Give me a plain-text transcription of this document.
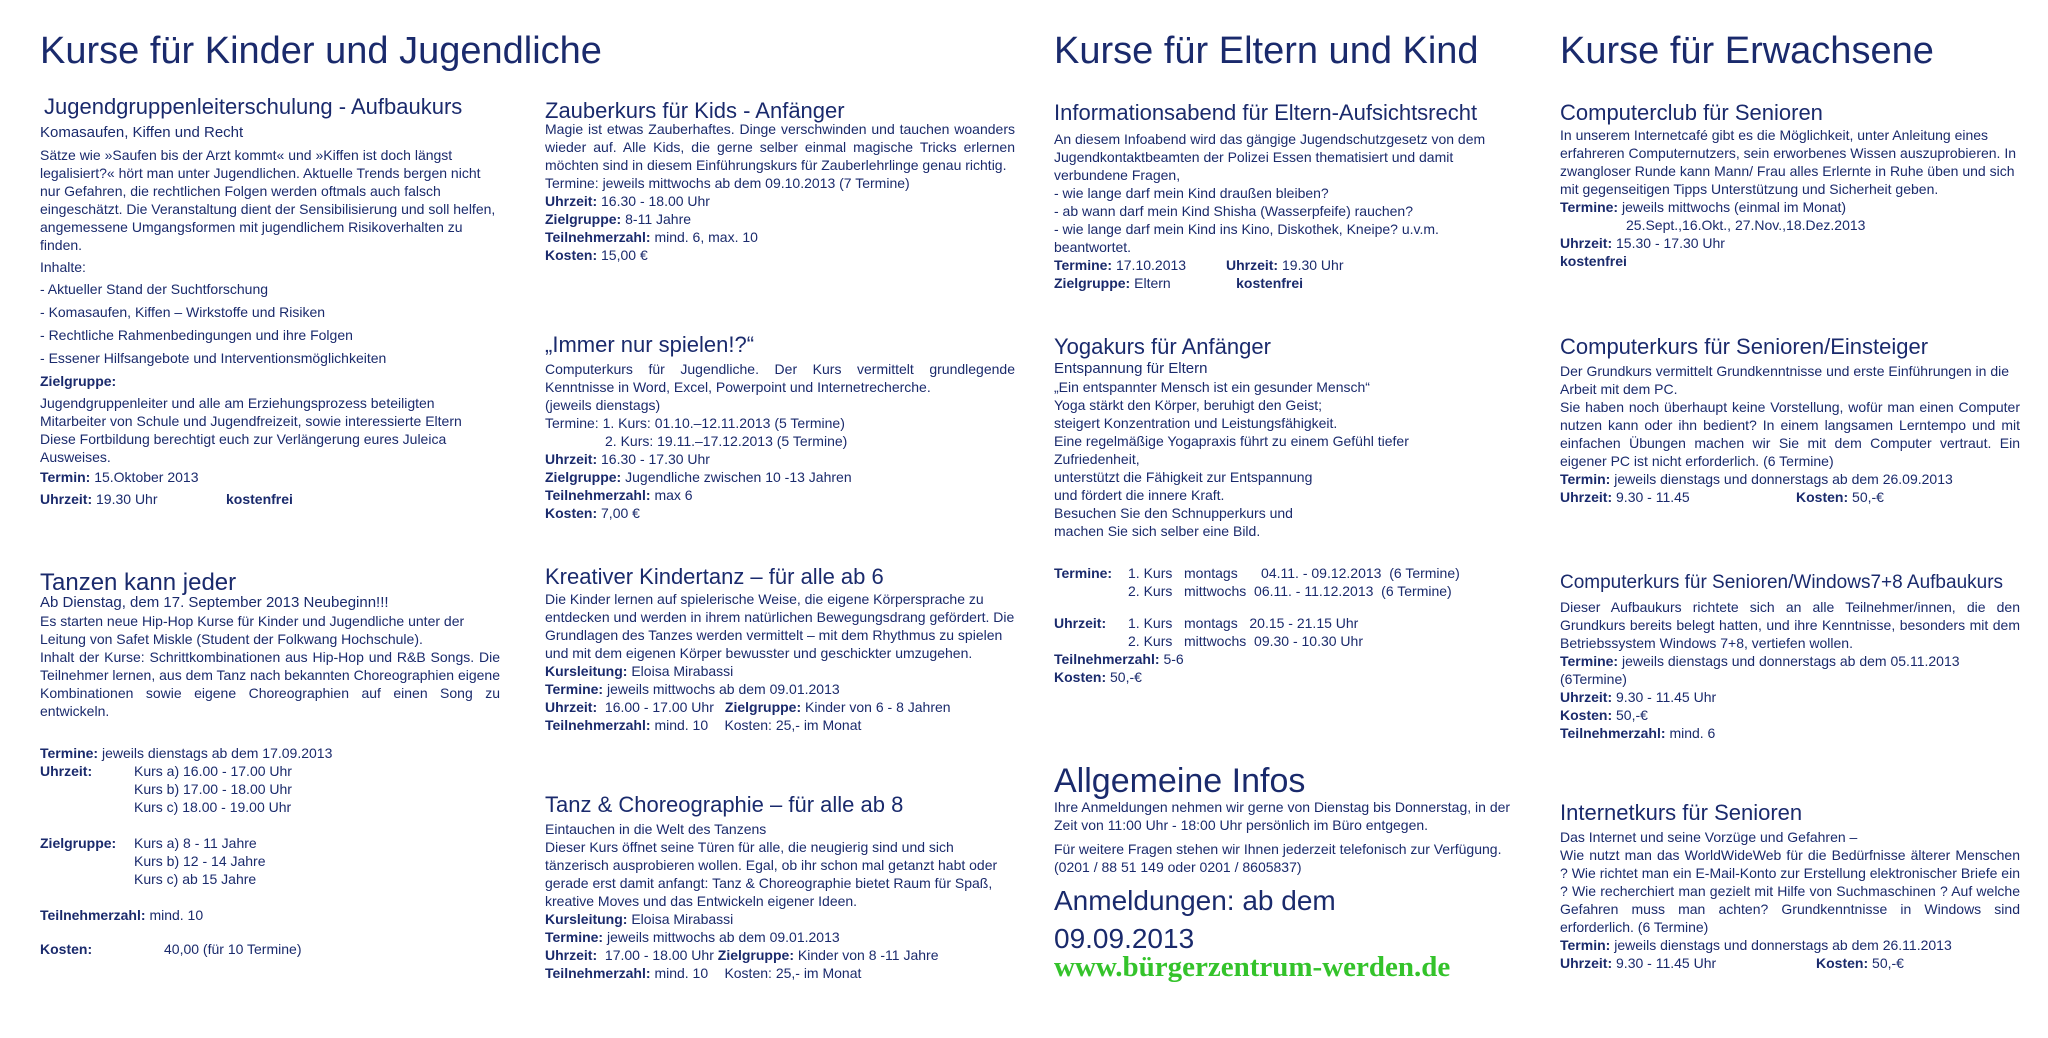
Kurse für Kinder und Jugendliche
Jugendgruppenleiterschulung - Aufbaukurs

Komasaufen, Kiffen und Recht

Sätze wie »Saufen bis der Arzt kommt« und »Kiffen ist doch längst legalisiert?« hört man unter Jugendlichen. Aktuelle Trends bergen nicht nur Gefahren, die rechtlichen Folgen werden oftmals auch falsch eingeschätzt. Die Veranstaltung dient der Sensibilisierung und soll helfen, angemessene Umgangsformen mit jugendlichem Risikoverhalten zu finden.

Inhalte:

- Aktueller Stand der Suchtforschung
- Komasaufen, Kiffen – Wirkstoffe und Risiken
- Rechtliche Rahmenbedingungen und ihre Folgen
- Essener Hilfsangebote und Interventionsmöglichkeiten

Zielgruppe:

Jugendgruppenleiter und alle am Erziehungsprozess beteiligten Mitarbeiter von Schule und Jugendfreizeit, sowie interessierte Eltern

Diese Fortbildung berechtigt euch zur Verlängerung eures Juleica Ausweises.

Termin:
15.Oktober 2013
Uhrzeit:
19.30 Uhr	kostenfrei
Tanzen kann jeder

Ab Dienstag, dem 17. September 2013 Neubeginn!!!

Es starten neue Hip-Hop Kurse für Kinder und Jugendliche unter der Leitung von Safet Miskle (Student der Folkwang Hochschule).

Inhalt der Kurse: Schrittkombinationen aus Hip-Hop und R&B Songs. Die Teilnehmer lernen, aus dem Tanz nach bekannten Choreographien eigene Kombinationen sowie eigene Choreographien auf einen Song zu entwickeln.

Termine:
jeweils dienstags ab dem 17.09.2013
Uhrzeit:	Kurs a) 16.00 - 17.00 Uhr

Kurs b) 17.00 - 18.00 Uhr

Kurs c) 18.00 - 19.00 Uhr

Zielgruppe:	Kurs a) 8 - 11 Jahre

Kurs b) 12 - 14 Jahre

Kurs c) ab 15 Jahre

Teilnehmerzahl:
mind. 10
Kosten:	40,00 (für 10 Termine)
Zauberkurs für Kids - Anfänger

Magie ist etwas Zauberhaftes. Dinge verschwinden und tauchen woanders wieder auf. Alle Kids, die gerne selber einmal magische Tricks erlernen möchten sind in diesem Einführungskurs für Zauberlehrlinge genau richtig.

Termine: jeweils mittwochs ab dem 09.10.2013 (7 Termine)

Uhrzeit:
16.30 - 18.00 Uhr
Zielgruppe:
8-11 Jahre
Teilnehmerzahl:
mind. 6, max. 10
Kosten:
15,00 €
„Immer nur spielen!?“

Computerkurs für Jugendliche. Der Kurs vermittelt grundlegende Kenntnisse in Word, Excel, Powerpoint und Internetrecherche.

(jeweils dienstags)

Termine: 1. Kurs: 01.10.–12.11.2013 (5 Termine)

2. Kurs: 19.11.–17.12.2013 (5 Termine)

Uhrzeit:
16.30 - 17.30 Uhr
Zielgruppe:
Jugendliche zwischen 10 -13 Jahren
Teilnehmerzahl:
max 6
Kosten:
7,00 €
Kreativer Kindertanz – für alle ab 6

Die Kinder lernen auf spielerische Weise, die eigene Körpersprache zu entdecken und werden in ihrem natürlichen Bewegungsdrang gefördert. Die Grundlagen des Tanzes werden vermittelt – mit dem Rhythmus zu spielen und mit dem eigenen Körper bewusster und geschickter umzugehen.

Kursleitung:
Eloisa Mirabassi
Termine:
jeweils mittwochs ab dem 09.01.2013
Uhrzeit:
16.00 - 17.00 Uhr Zielgruppe:
Kinder von 6 - 8 Jahren
Teilnehmerzahl:
mind. 10	Kosten:
25,- im Monat
Tanz & Choreographie – für alle ab 8

Eintauchen in die Welt des Tanzens

Dieser Kurs öffnet seine Türen für alle, die neugierig sind und sich tänzerisch ausprobieren wollen. Egal, ob ihr schon mal getanzt habt oder gerade erst damit anfangt: Tanz & Choreographie bietet Raum für Spaß, kreative Moves und das Entwickeln eigener Ideen.

Kursleitung:
Eloisa Mirabassi
Termine:
jeweils mittwochs ab dem 09.01.2013
Uhrzeit:
17.00 - 18.00 Uhr
Zielgruppe:
Kinder von 8 -11 Jahre
Teilnehmerzahl:
mind. 10	Kosten:
25,- im Monat
Kurse für Eltern und Kind
Informationsabend für Eltern-Aufsichtsrecht

An diesem Infoabend wird das gängige Jugendschutzgesetz von dem Jugendkontaktbeamten der Polizei Essen thematisiert und damit verbundene Fragen,

- wie lange darf mein Kind draußen bleiben?

- ab wann darf mein Kind Shisha (Wasserpfeife) rauchen?

- wie lange darf mein Kind ins Kino, Diskothek, Kneipe? u.v.m.

beantwortet.

Termine:
17.10.2013	Uhrzeit:
19.30 Uhr
Zielgruppe:
Eltern	kostenfrei
Yogakurs für Anfänger

Entspannung für Eltern

„Ein entspannter Mensch ist ein gesunder Mensch“

Yoga stärkt den Körper, beruhigt den Geist;

steigert Konzentration und Leistungsfähigkeit.

Eine regelmäßige Yogapraxis führt zu einem Gefühl tiefer Zufriedenheit,

unterstützt die Fähigkeit zur Entspannung

und fördert die innere Kraft.

Besuchen Sie den Schnupperkurs und

machen Sie sich selber eine Bild.

Termine:	1. Kurs   montags      04.11. - 09.12.2013  (6 Termine)
2. Kurs   mittwochs  06.11. - 11.12.2013  (6 Termine)
Uhrzeit:	1. Kurs   montags   20.15 - 21.15 Uhr
2. Kurs   mittwochs  09.30 - 10.30 Uhr
Teilnehmerzahl:
5-6
Kosten:
50,-€
Allgemeine Infos

Ihre Anmeldungen nehmen wir gerne von Dienstag bis Donnerstag, in der Zeit von 11:00 Uhr - 18:00 Uhr persönlich im Büro entgegen.

Für weitere Fragen stehen wir Ihnen jederzeit telefonisch zur Verfügung. (0201 / 88 51 149 oder 0201 / 8605837)

Anmeldungen: ab dem
09.09.2013
www.bürgerzentrum-werden.de
Kurse für Erwachsene
Computerclub für Senioren

In unserem Internetcafé gibt es die Möglichkeit, unter Anleitung eines erfahreren Computernutzers, sein erworbenes Wissen auszuprobieren. In zwangloser Runde kann Mann/ Frau alles Erlernte in Ruhe üben und sich mit gegenseitigen Tipps Unterstützung und Sicherheit geben.

Termine:
jeweils mittwochs (einmal im Monat)

25.Sept.,16.Okt., 27.Nov.,18.Dez.2013

Uhrzeit:
15.30 - 17.30 Uhr

kostenfrei

Computerkurs für Senioren/Einsteiger

Der Grundkurs vermittelt Grundkenntnisse und erste Einführungen in die Arbeit mit dem PC.

Sie haben noch überhaupt keine Vorstellung, wofür man einen Computer nutzen kann oder ihn bedient? In einem langsamen Lerntempo und mit einfachen Übungen machen wir Sie mit dem Computer vertraut. Ein eigener PC ist nicht erforderlich. (6 Termine)

Termin:
jeweils dienstags und donnerstags ab dem 26.09.2013
Uhrzeit:
9.30 - 11.45	Kosten:
50,-€
Computerkurs für Senioren/Windows7+8 Aufbaukurs

Dieser Aufbaukurs richtete sich an alle Teilnehmer/innen, die den Grundkurs bereits belegt hatten, und ihre Kenntnisse, besonders mit dem Betriebssystem Windows 7+8, vertiefen wollen.

Termine:
jeweils dienstags und donnerstags ab dem 05.11.2013

(6Termine)

Uhrzeit:
9.30 - 11.45 Uhr
Kosten:
50,-€
Teilnehmerzahl:
mind. 6
Internetkurs für Senioren

Das Internet und seine Vorzüge und Gefahren –

Wie nutzt man das WorldWideWeb für die Bedürfnisse älterer Menschen ? Wie richtet man ein E-Mail-Konto zur Erstellung elektronischer Briefe ein ? Wie recherchiert man gezielt mit Hilfe von Suchmaschinen ? Auf welche Gefahren muss man achten? Grundkenntnisse in Windows sind erforderlich. (6 Termine)

Termin:
jeweils dienstags und donnerstags ab dem 26.11.2013
Uhrzeit:
9.30 - 11.45 Uhr	Kosten:
50,-€
